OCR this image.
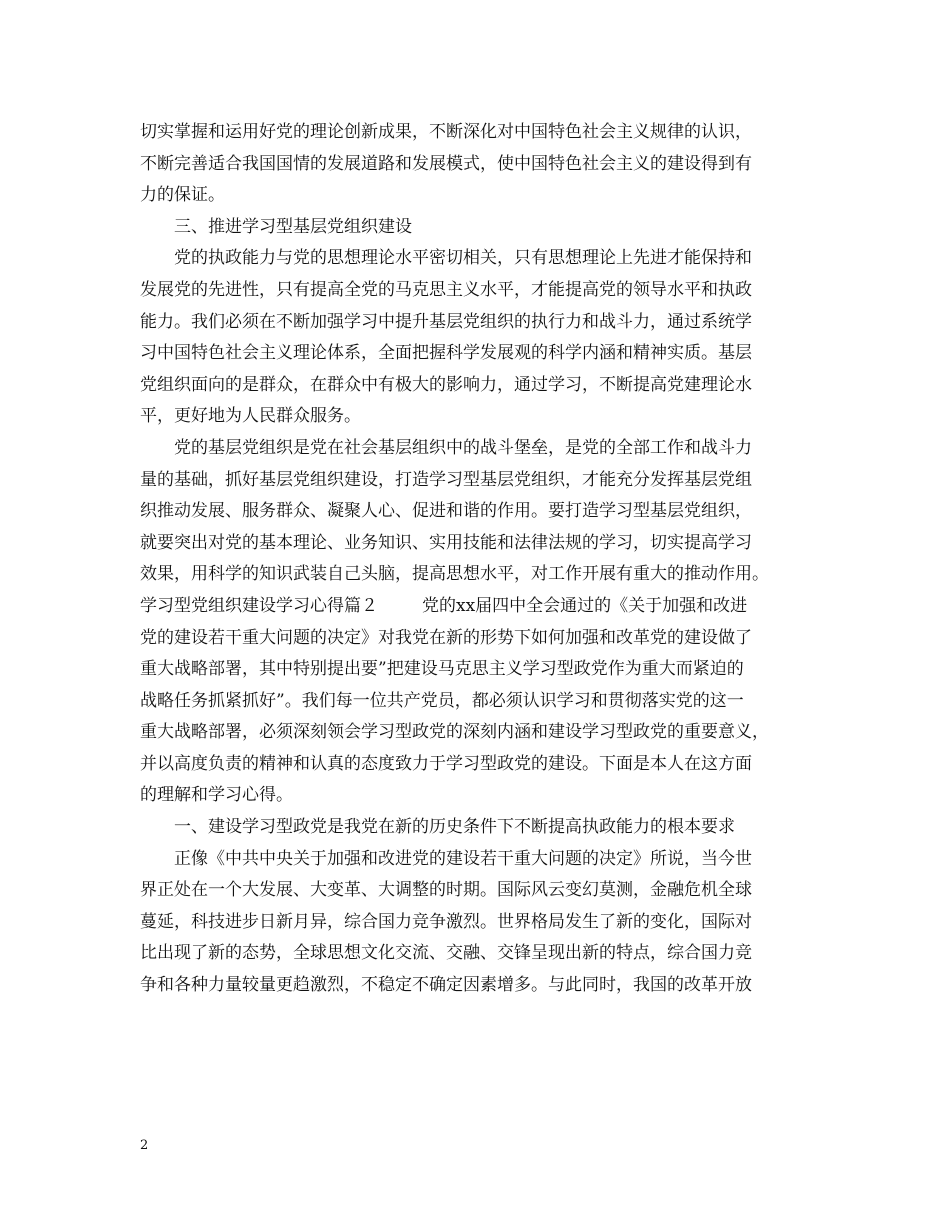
切实掌握和运用好党的理论创新成果，不断深化对中国特色社会主义规律的认识，
不断完善适合我国国情的发展道路和发展模式，使中国特色社会主义的建设得到有
力的保证。
三、推进学习型基层党组织建设
党的执政能力与党的思想理论水平密切相关，只有思想理论上先进才能保持和
发展党的先进性，只有提高全党的马克思主义水平，才能提高党的领导水平和执政
能力。我们必须在不断加强学习中提升基层党组织的执行力和战斗力，通过系统学
习中国特色社会主义理论体系，全面把握科学发展观的科学内涵和精神实质。基层
党组织面向的是群众，在群众中有极大的影响力，通过学习，不断提高党建理论水
平，更好地为人民群众服务。
党的基层党组织是党在社会基层组织中的战斗堡垒，是党的全部工作和战斗力
量的基础，抓好基层党组织建设，打造学习型基层党组织，才能充分发挥基层党组
织推动发展、服务群众、凝聚人心、促进和谐的作用。要打造学习型基层党组织，
就要突出对党的基本理论、业务知识、实用技能和法律法规的学习，切实提高学习
效果，用科学的知识武装自己头脑，提高思想水平，对工作开展有重大的推动作用。
学习型党组织建设学习心得篇２	党的xx届四中全会通过的《关于加强和改进
党的建设若干重大问题的决定》对我党在新的形势下如何加强和改革党的建设做了
重大战略部署，其中特别提出要”把建设马克思主义学习型政党作为重大而紧迫的
战略任务抓紧抓好”。我们每一位共产党员，都必须认识学习和贯彻落实党的这一
重大战略部署，必须深刻领会学习型政党的深刻内涵和建设学习型政党的重要意义，
并以高度负责的精神和认真的态度致力于学习型政党的建设。下面是本人在这方面
的理解和学习心得。
一、建设学习型政党是我党在新的历史条件下不断提高执政能力的根本要求
正像《中共中央关于加强和改进党的建设若干重大问题的决定》所说，当今世
界正处在一个大发展、大变革、大调整的时期。国际风云变幻莫测，金融危机全球
蔓延，科技进步日新月异，综合国力竞争激烈。世界格局发生了新的变化，国际对
比出现了新的态势，全球思想文化交流、交融、交锋呈现出新的特点，综合国力竞
争和各种力量较量更趋激烈，不稳定不确定因素增多。与此同时，我国的改革开放
2
